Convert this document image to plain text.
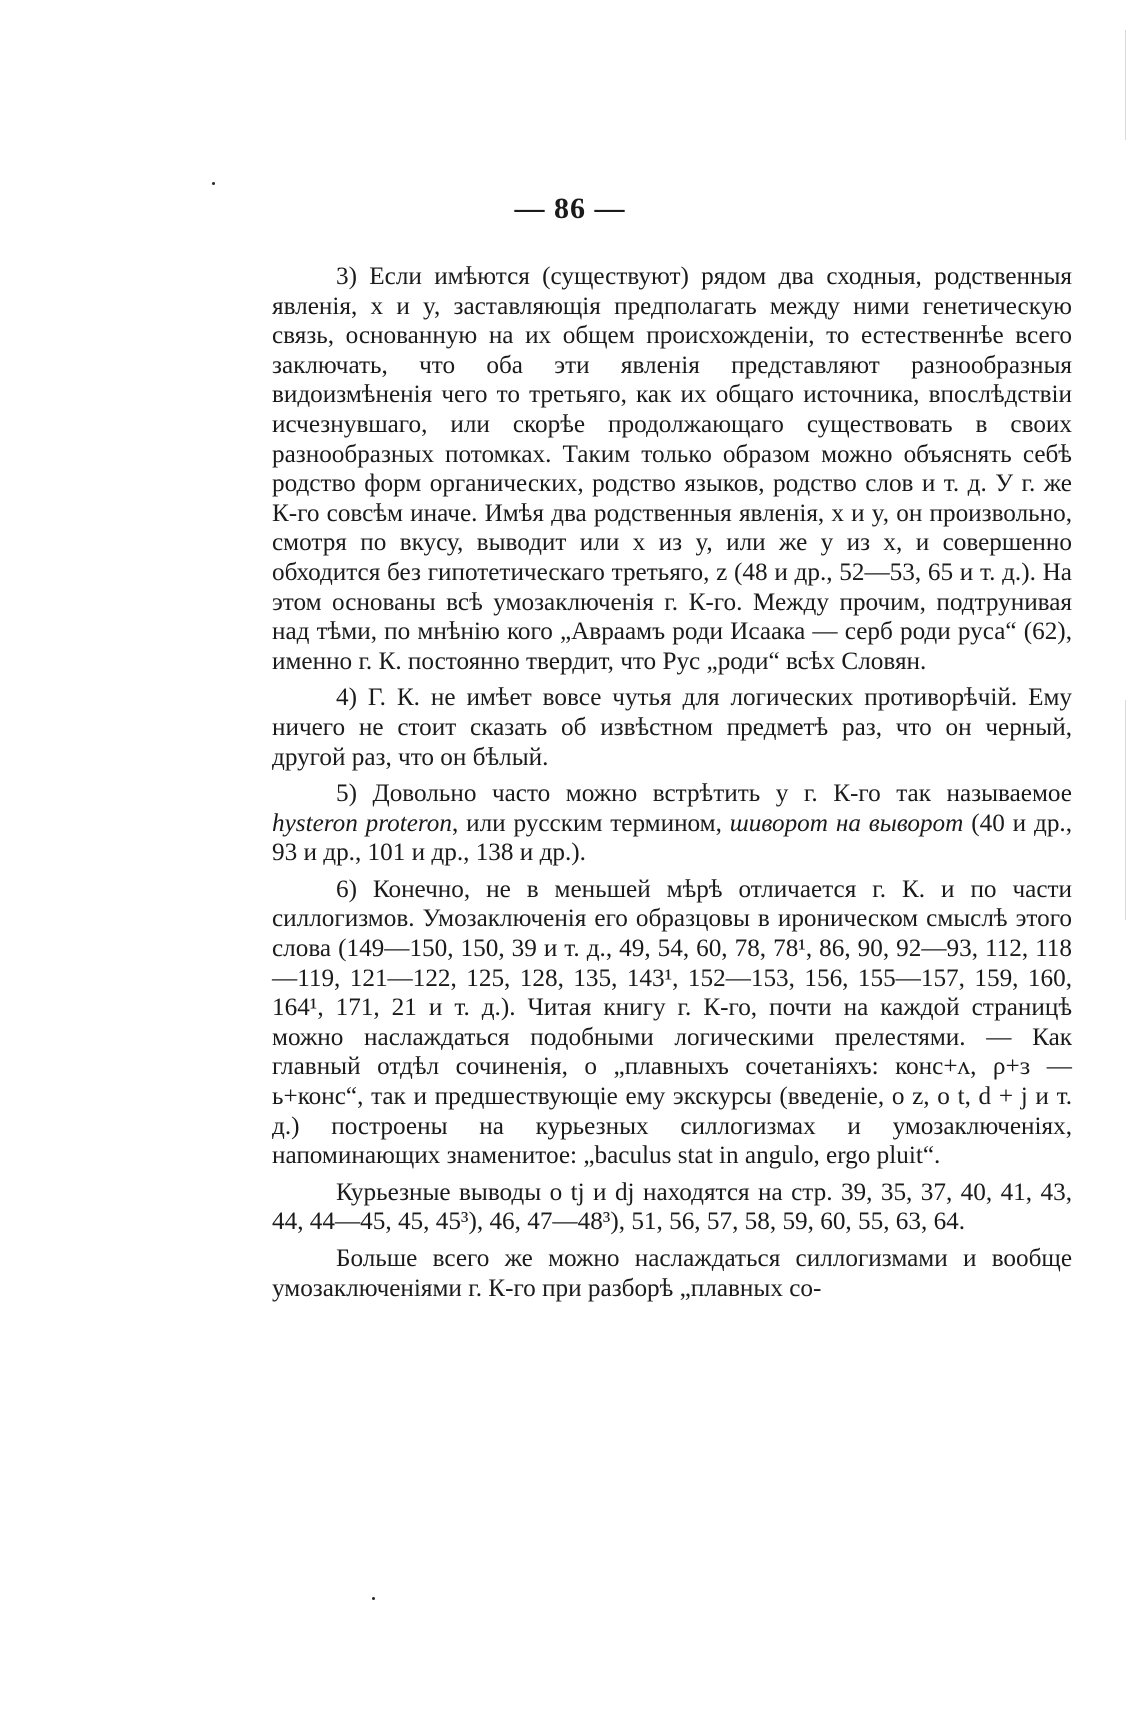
— 86 —

3) Если имѣются (существуют) рядом два сходныя, родственныя явленія, x и y, заставляющія предполагать между ними генетическую связь, основанную на их общем происхожденіи, то естественнѣе всего заключать, что оба эти явленія представляют разнообразныя видоизмѣненія чего то третьяго, как их общаго источника, впослѣдствіи исчезнувшаго, или скорѣе продолжающаго существовать в своих разнообразных потомках. Таким только образом можно объяснять себѣ родство форм органических, родство языков, родство слов и т. д. У г. же К-го совсѣм иначе. Имѣя два родственныя явленія, x и y, он произвольно, смотря по вкусу, выводит или x из y, или же y из x, и совершенно обходится без гипотетическаго третьяго, z (48 и др., 52—53, 65 и т. д.). На этом основаны всѣ умозаключенія г. К-го. Между прочим, подтрунивая над тѣми, по мнѣнію кого „Авраамъ роди Исаака — серб роди руса“ (62), именно г. К. постоянно твердит, что Рус „роди“ всѣх Словян.

4) Г. К. не имѣет вовсе чутья для логических противорѣчій. Ему ничего не стоит сказать об извѣстном предметѣ раз, что он черный, другой раз, что он бѣлый.

5) Довольно часто можно встрѣтить у г. К-го так называемое hysteron proteron, или русским термином, шиворот на выворот (40 и др., 93 и др., 101 и др., 138 и др.).

6) Конечно, не в меньшей мѣрѣ отличается г. К. и по части силлогизмов. Умозаключенія его образцовы в ироническом смыслѣ этого слова (149—150, 150, 39 и т. д., 49, 54, 60, 78, 78¹, 86, 90, 92—93, 112, 118—119, 121—122, 125, 128, 135, 143¹, 152—153, 156, 155—157, 159, 160, 164¹, 171, 21 и т. д.). Читая книгу г. К-го, почти на каждой страницѣ можно наслаждаться подобными логическими прелестями. — Как главный отдѣл сочиненія, о „плавныхъ сочетаніяхъ: конс+ʌ, ρ+ɜ — ь+конс“, так и предшествующіе ему экскурсы (введеніе, о z, о t, d + j и т. д.) построены на курьезных силлогизмах и умозаключеніях, напоминающих знаменитое: „baculus stat in angulo, ergo pluit“.

Курьезные выводы о tj и dj находятся на стр. 39, 35, 37, 40, 41, 43, 44, 44—45, 45, 45³), 46, 47—48³), 51, 56, 57, 58, 59, 60, 55, 63, 64.

Больше всего же можно наслаждаться силлогизмами и вообще умозаключеніями г. К-го при разборѣ „плавных со-
